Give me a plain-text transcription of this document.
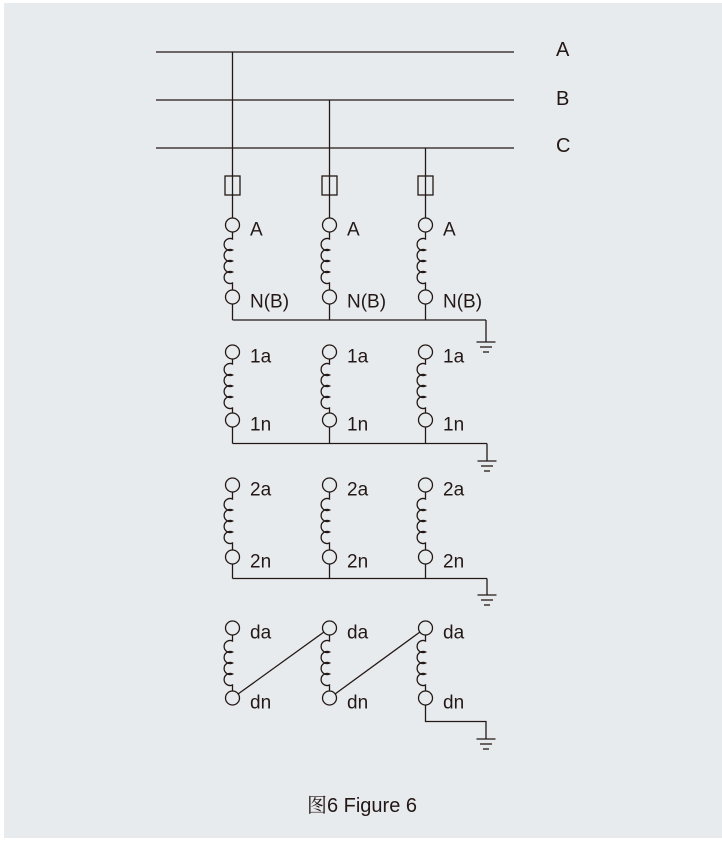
A
B
C
A	A	A
N(B)	N(B)	N(B)
1a	1a	1a
1n	1n	1n
2a	2a	2a
2n	2n	2n
da	da	da
dn	dn	dn
图6 Figure 6
